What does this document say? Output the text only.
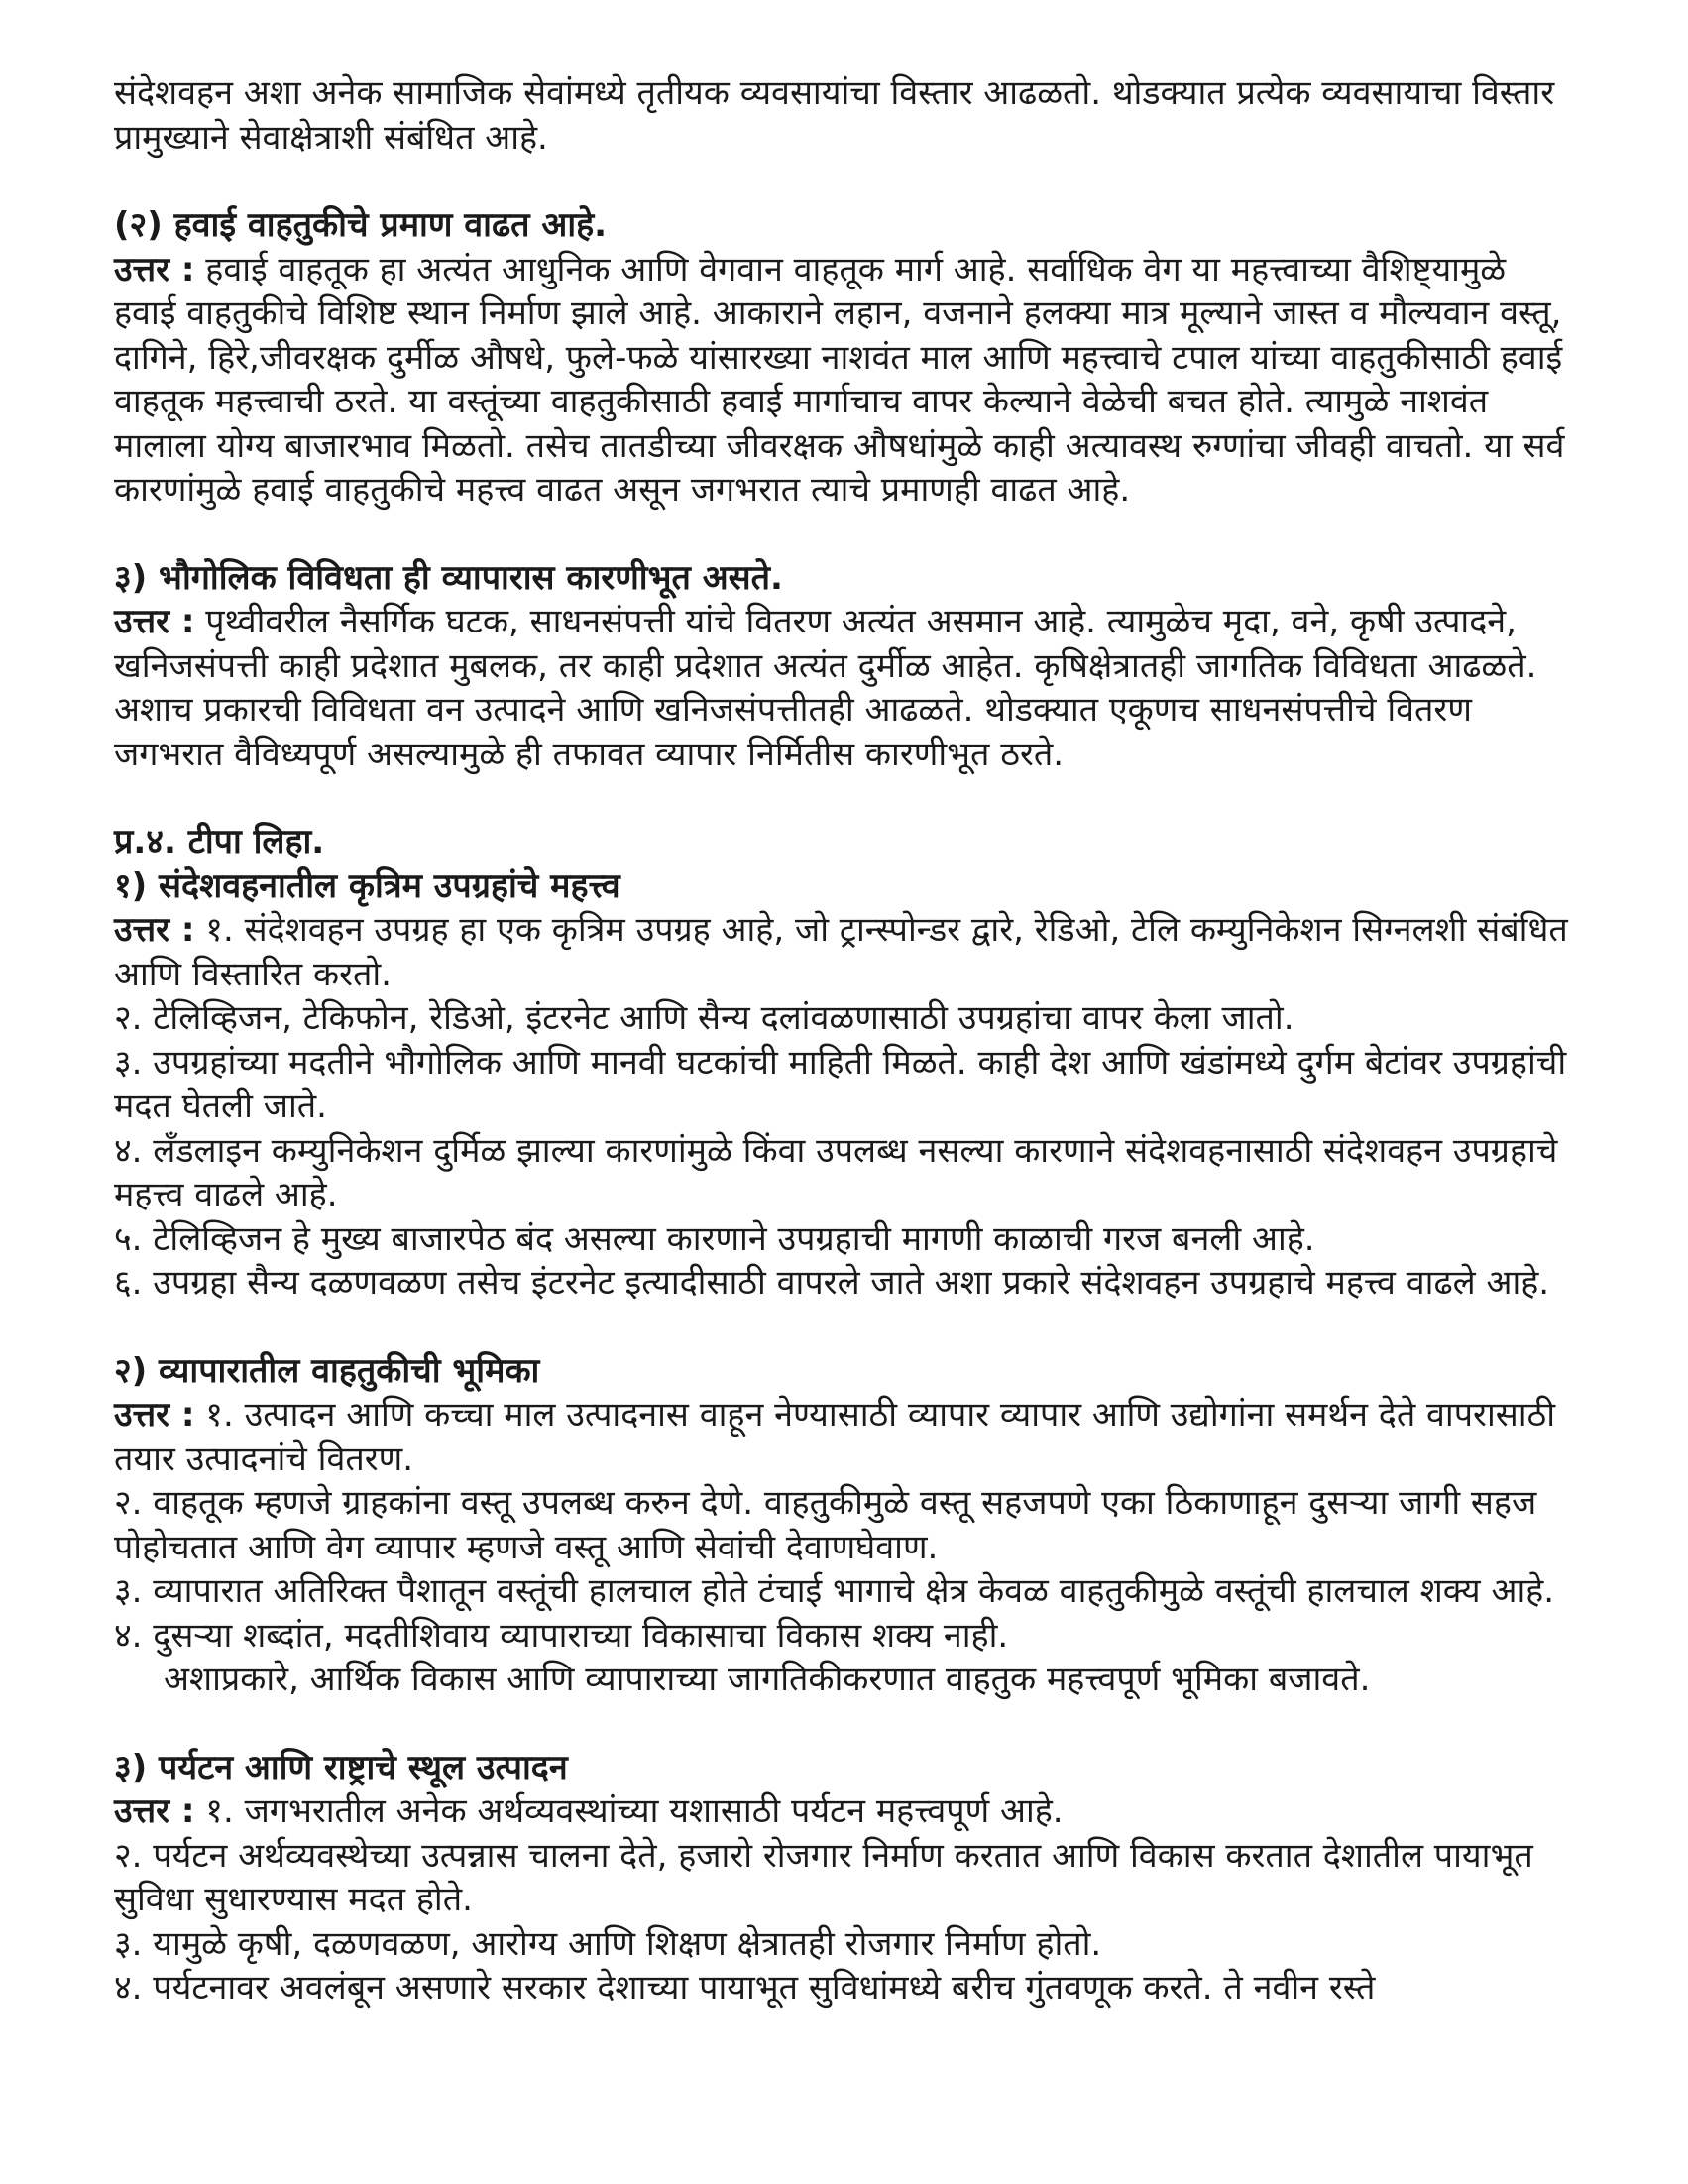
संदेशवहन अशा अनेक सामाजिक सेवांमध्ये तृतीयक व्यवसायांचा विस्तार आढळतो. थोडक्यात प्रत्येक व्यवसायाचा विस्तार प्रामुख्याने सेवाक्षेत्राशी संबंधित आहे.

(२) हवाई वाहतुकीचे प्रमाण वाढत आहे.

उत्तर : हवाई वाहतूक हा अत्यंत आधुनिक आणि वेगवान वाहतूक मार्ग आहे. सर्वाधिक वेग या महत्त्वाच्या वैशिष्ट्यामुळे हवाई वाहतुकीचे विशिष्ट स्थान निर्माण झाले आहे. आकाराने लहान, वजनाने हलक्या मात्र मूल्याने जास्त व मौल्यवान वस्तू, दागिने, हिरे,जीवरक्षक दुर्मीळ औषधे, फुले-फळे यांसारख्या नाशवंत माल आणि महत्त्वाचे टपाल यांच्या वाहतुकीसाठी हवाई वाहतूक महत्त्वाची ठरते. या वस्तूंच्या वाहतुकीसाठी हवाई मार्गाचाच वापर केल्याने वेळेची बचत होते. त्यामुळे नाशवंत मालाला योग्य बाजारभाव मिळतो. तसेच तातडीच्या जीवरक्षक औषधांमुळे काही अत्यावस्थ रुग्णांचा जीवही वाचतो. या सर्व कारणांमुळे हवाई वाहतुकीचे महत्त्व वाढत असून जगभरात त्याचे प्रमाणही वाढत आहे.

३) भौगोलिक विविधता ही व्यापारास कारणीभूत असते.

उत्तर : पृथ्वीवरील नैसर्गिक घटक, साधनसंपत्ती यांचे वितरण अत्यंत असमान आहे. त्यामुळेच मृदा, वने, कृषी उत्पादने, खनिजसंपत्ती काही प्रदेशात मुबलक, तर काही प्रदेशात अत्यंत दुर्मीळ आहेत. कृषिक्षेत्रातही जागतिक विविधता आढळते. अशाच प्रकारची विविधता वन उत्पादने आणि खनिजसंपत्तीतही आढळते. थोडक्यात एकूणच साधनसंपत्तीचे वितरण जगभरात वैविध्यपूर्ण असल्यामुळे ही तफावत व्यापार निर्मितीस कारणीभूत ठरते.

प्र.४. टीपा लिहा.

१) संदेशवहनातील कृत्रिम उपग्रहांचे महत्त्व

उत्तर : १. संदेशवहन उपग्रह हा एक कृत्रिम उपग्रह आहे, जो ट्रान्स्पोन्डर द्वारे, रेडिओ, टेलि कम्युनिकेशन सिग्नलशी संबंधित आणि विस्तारित करतो.

२. टेलिव्हिजन, टेकिफोन, रेडिओ, इंटरनेट आणि सैन्य दलांवळणासाठी उपग्रहांचा वापर केला जातो.

३. उपग्रहांच्या मदतीने भौगोलिक आणि मानवी घटकांची माहिती मिळते. काही देश आणि खंडांमध्ये दुर्गम बेटांवर उपग्रहांची मदत घेतली जाते.

४. लँडलाइन कम्युनिकेशन दुर्मिळ झाल्या कारणांमुळे किंवा उपलब्ध नसल्या कारणाने संदेशवहनासाठी संदेशवहन उपग्रहाचे महत्त्व वाढले आहे.

५. टेलिव्हिजन हे मुख्य बाजारपेठ बंद असल्या कारणाने उपग्रहाची मागणी काळाची गरज बनली आहे.

६. उपग्रहा सैन्य दळणवळण तसेच इंटरनेट इत्यादीसाठी वापरले जाते अशा प्रकारे संदेशवहन उपग्रहाचे महत्त्व वाढले आहे.

२) व्यापारातील वाहतुकीची भूमिका

उत्तर : १. उत्पादन आणि कच्चा माल उत्पादनास वाहून नेण्यासाठी व्यापार व्यापार आणि उद्योगांना समर्थन देते वापरासाठी तयार उत्पादनांचे वितरण.

२. वाहतूक म्हणजे ग्राहकांना वस्तू उपलब्ध करुन देणे. वाहतुकीमुळे वस्तू सहजपणे एका ठिकाणाहून दुसऱ्या जागी सहज पोहोचतात आणि वेग व्यापार म्हणजे वस्तू आणि सेवांची देवाणघेवाण.

३. व्यापारात अतिरिक्त पैशातून वस्तूंची हालचाल होते टंचाई भागाचे क्षेत्र केवळ वाहतुकीमुळे वस्तूंची हालचाल शक्य आहे.

४. दुसऱ्या शब्दांत, मदतीशिवाय व्यापाराच्या विकासाचा विकास शक्य नाही.

अशाप्रकारे, आर्थिक विकास आणि व्यापाराच्या जागतिकीकरणात वाहतुक महत्त्वपूर्ण भूमिका बजावते.

३) पर्यटन आणि राष्ट्राचे स्थूल उत्पादन

उत्तर : १. जगभरातील अनेक अर्थव्यवस्थांच्या यशासाठी पर्यटन महत्त्वपूर्ण आहे.

२. पर्यटन अर्थव्यवस्थेच्या उत्पन्नास चालना देते, हजारो रोजगार निर्माण करतात आणि विकास करतात देशातील पायाभूत सुविधा सुधारण्यास मदत होते.

३. यामुळे कृषी, दळणवळण, आरोग्य आणि शिक्षण क्षेत्रातही रोजगार निर्माण होतो.

४. पर्यटनावर अवलंबून असणारे सरकार देशाच्या पायाभूत सुविधांमध्ये बरीच गुंतवणूक करते. ते नवीन रस्ते
